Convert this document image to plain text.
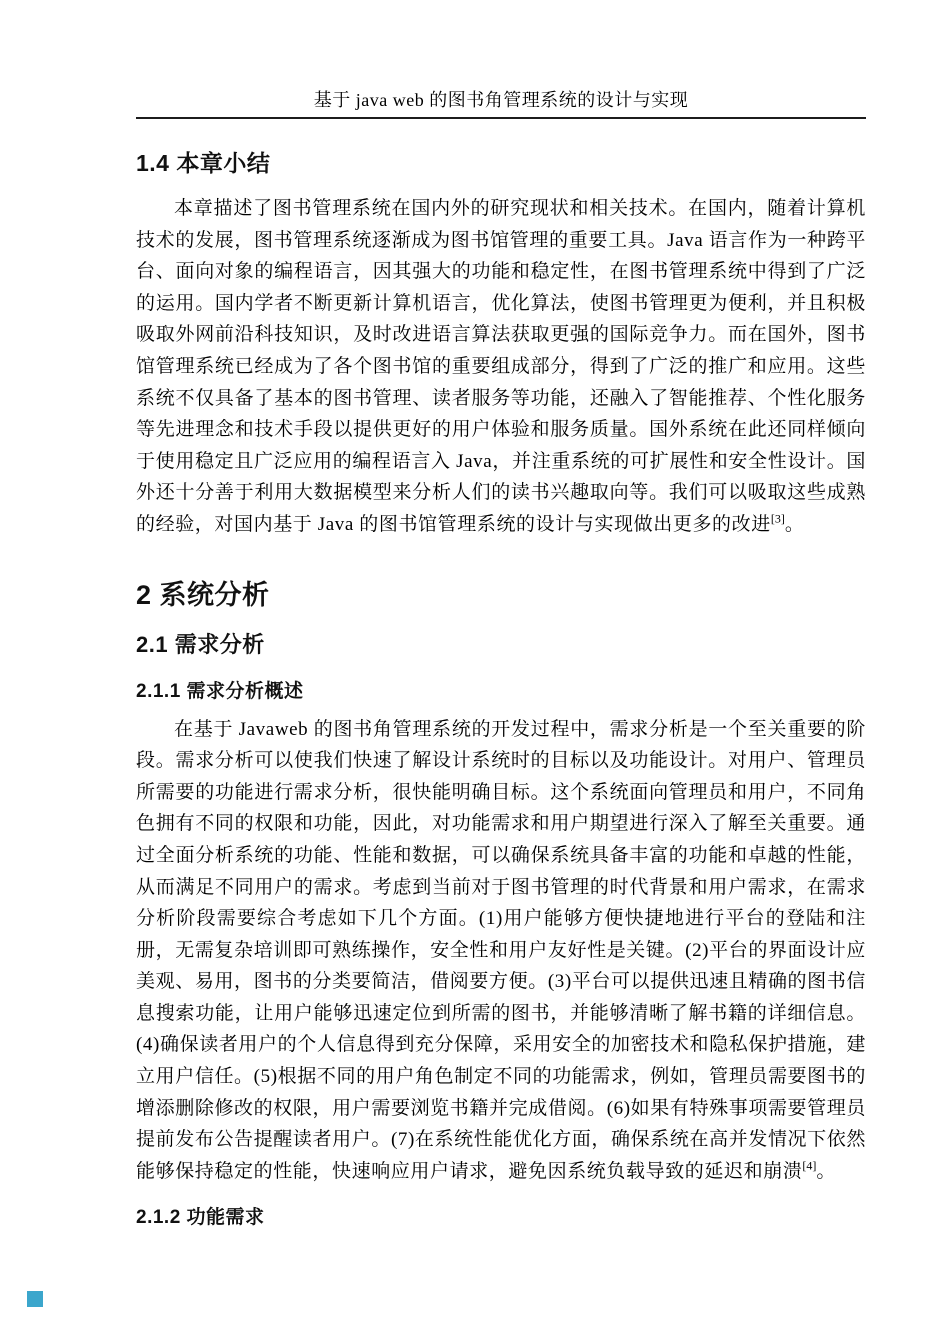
基于 java web 的图书角管理系统的设计与实现
1.4 本章小结

本章描述了图书管理系统在国内外的研究现状和相关技术。在国内，随着计算机技术的发展，图书管理系统逐渐成为图书馆管理的重要工具。Java 语言作为一种跨平台、面向对象的编程语言，因其强大的功能和稳定性，在图书管理系统中得到了广泛的运用。国内学者不断更新计算机语言，优化算法，使图书管理更为便利，并且积极吸取外网前沿科技知识，及时改进语言算法获取更强的国际竞争力。而在国外，图书馆管理系统已经成为了各个图书馆的重要组成部分，得到了广泛的推广和应用。这些系统不仅具备了基本的图书管理、读者服务等功能，还融入了智能推荐、个性化服务等先进理念和技术手段以提供更好的用户体验和服务质量。国外系统在此还同样倾向于使用稳定且广泛应用的编程语言入 Java，并注重系统的可扩展性和安全性设计。国外还十分善于利用大数据模型来分析人们的读书兴趣取向等。我们可以吸取这些成熟的经验，对国内基于 Java 的图书馆管理系统的设计与实现做出更多的改进[3]。

2 系统分析
2.1 需求分析
2.1.1 需求分析概述

在基于 Javaweb 的图书角管理系统的开发过程中，需求分析是一个至关重要的阶段。需求分析可以使我们快速了解设计系统时的目标以及功能设计。对用户、管理员所需要的功能进行需求分析，很快能明确目标。这个系统面向管理员和用户，不同角色拥有不同的权限和功能，因此，对功能需求和用户期望进行深入了解至关重要。通过全面分析系统的功能、性能和数据，可以确保系统具备丰富的功能和卓越的性能，从而满足不同用户的需求。考虑到当前对于图书管理的时代背景和用户需求，在需求分析阶段需要综合考虑如下几个方面。(1)用户能够方便快捷地进行平台的登陆和注册，无需复杂培训即可熟练操作，安全性和用户友好性是关键。(2)平台的界面设计应美观、易用，图书的分类要简洁，借阅要方便。(3)平台可以提供迅速且精确的图书信息搜索功能，让用户能够迅速定位到所需的图书，并能够清晰了解书籍的详细信息。(4)确保读者用户的个人信息得到充分保障，采用安全的加密技术和隐私保护措施，建立用户信任。(5)根据不同的用户角色制定不同的功能需求，例如，管理员需要图书的增添删除修改的权限，用户需要浏览书籍并完成借阅。(6)如果有特殊事项需要管理员提前发布公告提醒读者用户。(7)在系统性能优化方面，确保系统在高并发情况下依然能够保持稳定的性能，快速响应用户请求，避免因系统负载导致的延迟和崩溃[4]。

2.1.2 功能需求
